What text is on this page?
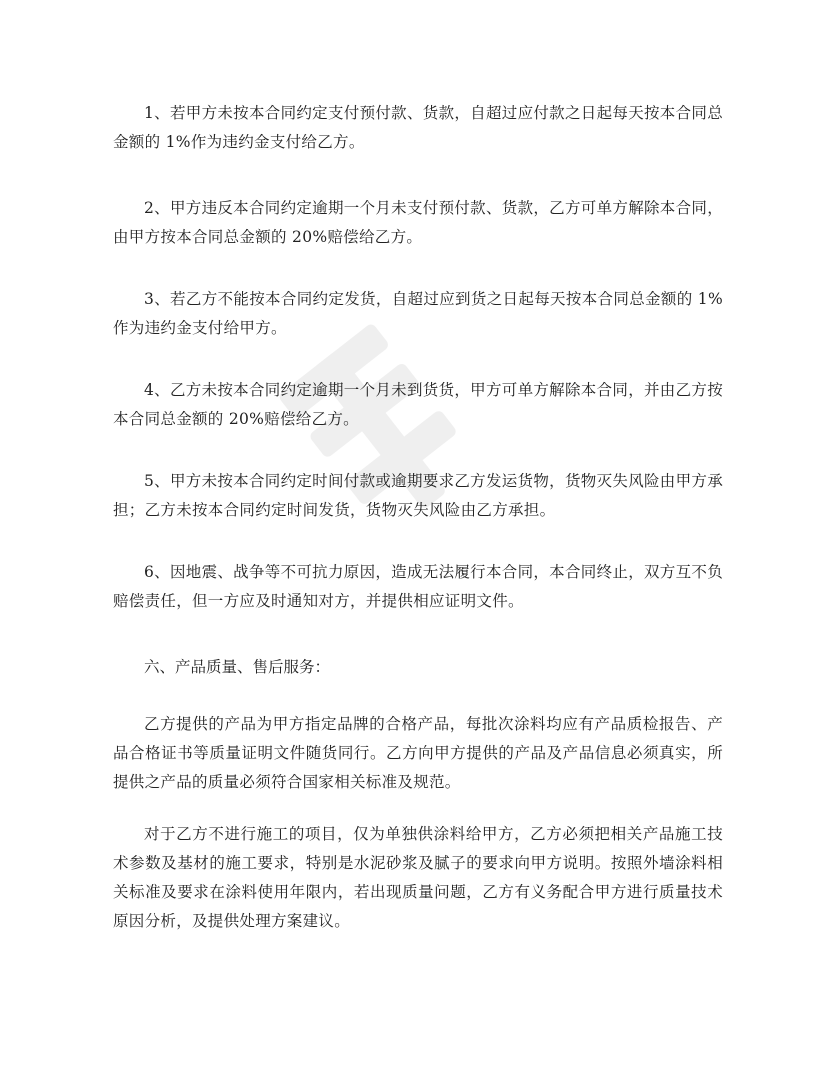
1、若甲方未按本合同约定支付预付款、货款，自超过应付款之日起每天按本合同总金额的 1%作为违约金支付给乙方。

2、甲方违反本合同约定逾期一个月未支付预付款、货款，乙方可单方解除本合同，由甲方按本合同总金额的 20%赔偿给乙方。

3、若乙方不能按本合同约定发货，自超过应到货之日起每天按本合同总金额的 1%作为违约金支付给甲方。

4、乙方未按本合同约定逾期一个月未到货货，甲方可单方解除本合同，并由乙方按本合同总金额的 20%赔偿给乙方。

5、甲方未按本合同约定时间付款或逾期要求乙方发运货物，货物灭失风险由甲方承担；乙方未按本合同约定时间发货，货物灭失风险由乙方承担。

6、因地震、战争等不可抗力原因，造成无法履行本合同，本合同终止，双方互不负赔偿责任，但一方应及时通知对方，并提供相应证明文件。

六、产品质量、售后服务：

乙方提供的产品为甲方指定品牌的合格产品，每批次涂料均应有产品质检报告、产品合格证书等质量证明文件随货同行。乙方向甲方提供的产品及产品信息必须真实，所提供之产品的质量必须符合国家相关标准及规范。

对于乙方不进行施工的项目，仅为单独供涂料给甲方，乙方必须把相关产品施工技术参数及基材的施工要求，特别是水泥砂浆及腻子的要求向甲方说明。按照外墙涂料相关标准及要求在涂料使用年限内，若出现质量问题，乙方有义务配合甲方进行质量技术原因分析，及提供处理方案建议。
